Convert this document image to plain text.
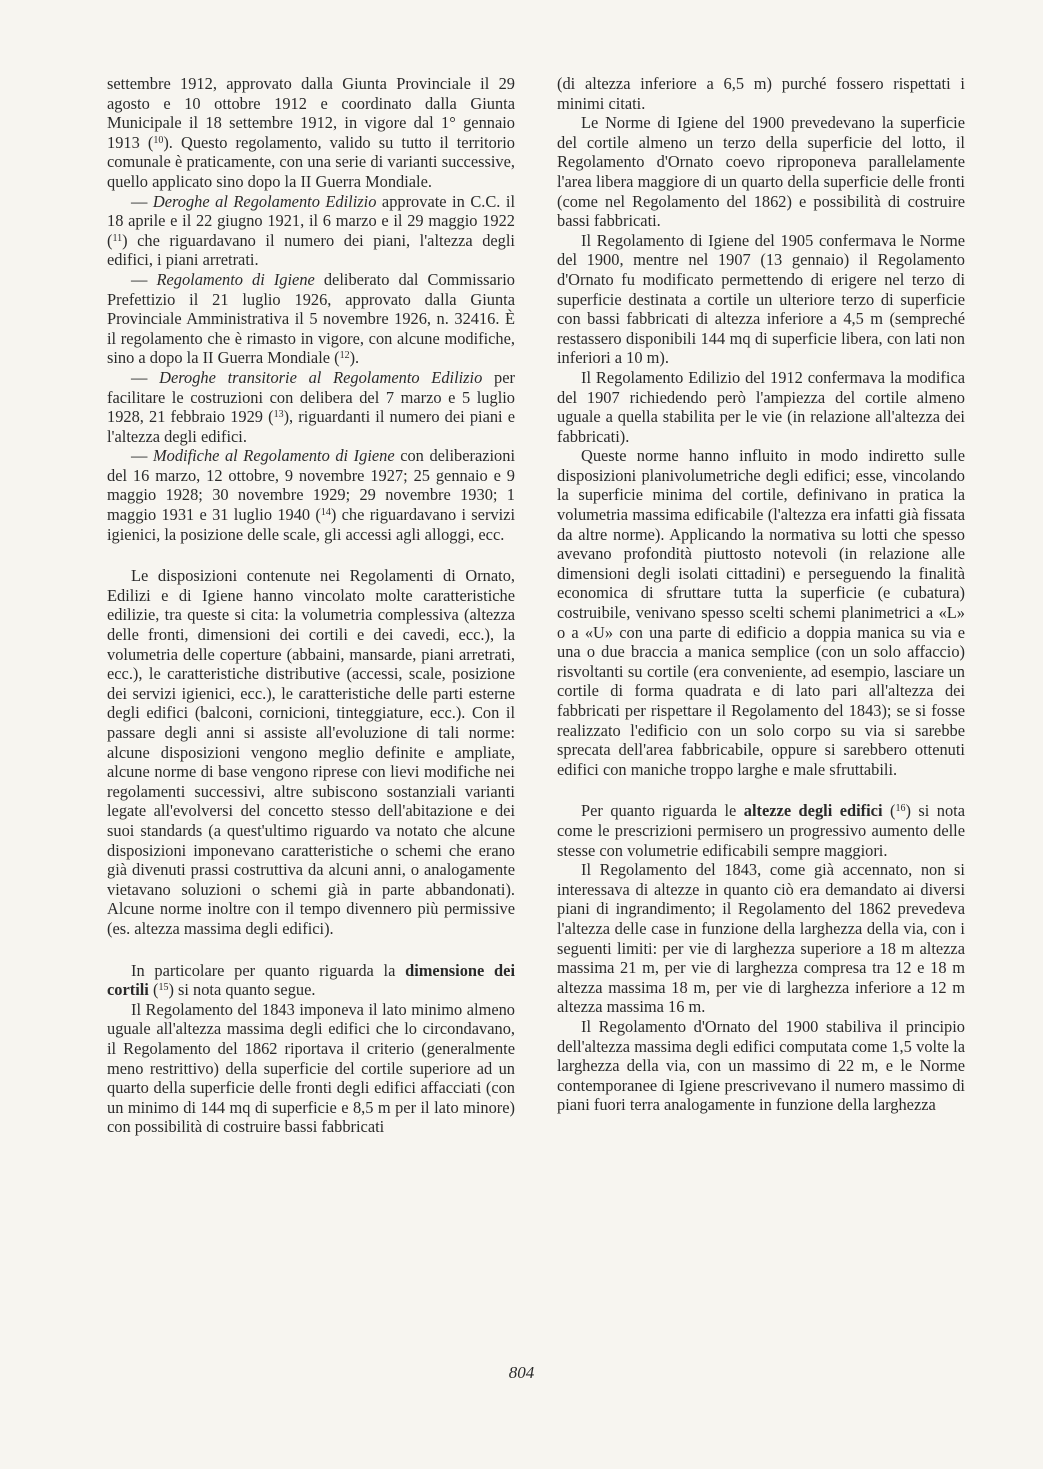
settembre 1912, approvato dalla Giunta Provinciale il 29 agosto e 10 ottobre 1912 e coordinato dalla Giunta Municipale il 18 settembre 1912, in vigore dal 1° gennaio 1913 ($^{10}$). Questo regolamento, valido su tutto il territorio comunale è praticamente, con una serie di varianti successive, quello applicato sino dopo la II Guerra Mondiale.

— Deroghe al Regolamento Edilizio approvate in C.C. il 18 aprile e il 22 giugno 1921, il 6 marzo e il 29 maggio 1922 ($^{11}$) che riguardavano il numero dei piani, l'altezza degli edifici, i piani arretrati.

— Regolamento di Igiene deliberato dal Commissario Prefettizio il 21 luglio 1926, approvato dalla Giunta Provinciale Amministrativa il 5 novembre 1926, n. 32416. È il regolamento che è rimasto in vigore, con alcune modifiche, sino a dopo la II Guerra Mondiale ($^{12}$).

— Deroghe transitorie al Regolamento Edilizio per facilitare le costruzioni con delibera del 7 marzo e 5 luglio 1928, 21 febbraio 1929 ($^{13}$), riguardanti il numero dei piani e l'altezza degli edifici.

— Modifiche al Regolamento di Igiene con deliberazioni del 16 marzo, 12 ottobre, 9 novembre 1927; 25 gennaio e 9 maggio 1928; 30 novembre 1929; 29 novembre 1930; 1 maggio 1931 e 31 luglio 1940 ($^{14}$) che riguardavano i servizi igienici, la posizione delle scale, gli accessi agli alloggi, ecc.

Le disposizioni contenute nei Regolamenti di Ornato, Edilizi e di Igiene hanno vincolato molte caratteristiche edilizie, tra queste si cita: la volumetria complessiva (altezza delle fronti, dimensioni dei cortili e dei cavedi, ecc.), la volumetria delle coperture (abbaini, mansarde, piani arretrati, ecc.), le caratteristiche distributive (accessi, scale, posizione dei servizi igienici, ecc.), le caratteristiche delle parti esterne degli edifici (balconi, cornicioni, tinteggiature, ecc.). Con il passare degli anni si assiste all'evoluzione di tali norme: alcune disposizioni vengono meglio definite e ampliate, alcune norme di base vengono riprese con lievi modifiche nei regolamenti successivi, altre subiscono sostanziali varianti legate all'evolversi del concetto stesso dell'abitazione e dei suoi standards (a quest'ultimo riguardo va notato che alcune disposizioni imponevano caratteristiche o schemi che erano già divenuti prassi costruttiva da alcuni anni, o analogamente vietavano soluzioni o schemi già in parte abbandonati). Alcune norme inoltre con il tempo divennero più permissive (es. altezza massima degli edifici).

In particolare per quanto riguarda la dimensione dei cortili ($^{15}$) si nota quanto segue.

Il Regolamento del 1843 imponeva il lato minimo almeno uguale all'altezza massima degli edifici che lo circondavano, il Regolamento del 1862 riportava il criterio (generalmente meno restrittivo) della superficie del cortile superiore ad un quarto della superficie delle fronti degli edifici affacciati (con un minimo di 144 mq di superficie e 8,5 m per il lato minore) con possibilità di costruire bassi fabbricati

(di altezza inferiore a 6,5 m) purché fossero rispettati i minimi citati.

Le Norme di Igiene del 1900 prevedevano la superficie del cortile almeno un terzo della superficie del lotto, il Regolamento d'Ornato coevo riproponeva parallelamente l'area libera maggiore di un quarto della superficie delle fronti (come nel Regolamento del 1862) e possibilità di costruire bassi fabbricati.

Il Regolamento di Igiene del 1905 confermava le Norme del 1900, mentre nel 1907 (13 gennaio) il Regolamento d'Ornato fu modificato permettendo di erigere nel terzo di superficie destinata a cortile un ulteriore terzo di superficie con bassi fabbricati di altezza inferiore a 4,5 m (sempreché restassero disponibili 144 mq di superficie libera, con lati non inferiori a 10 m).

Il Regolamento Edilizio del 1912 confermava la modifica del 1907 richiedendo però l'ampiezza del cortile almeno uguale a quella stabilita per le vie (in relazione all'altezza dei fabbricati).

Queste norme hanno influito in modo indiretto sulle disposizioni planivolumetriche degli edifici; esse, vincolando la superficie minima del cortile, definivano in pratica la volumetria massima edificabile (l'altezza era infatti già fissata da altre norme). Applicando la normativa su lotti che spesso avevano profondità piuttosto notevoli (in relazione alle dimensioni degli isolati cittadini) e perseguendo la finalità economica di sfruttare tutta la superficie (e cubatura) costruibile, venivano spesso scelti schemi planimetrici a «L» o a «U» con una parte di edificio a doppia manica su via e una o due braccia a manica semplice (con un solo affaccio) risvoltanti su cortile (era conveniente, ad esempio, lasciare un cortile di forma quadrata e di lato pari all'altezza dei fabbricati per rispettare il Regolamento del 1843); se si fosse realizzato l'edificio con un solo corpo su via si sarebbe sprecata dell'area fabbricabile, oppure si sarebbero ottenuti edifici con maniche troppo larghe e male sfruttabili.

Per quanto riguarda le altezze degli edifici ($^{16}$) si nota come le prescrizioni permisero un progressivo aumento delle stesse con volumetrie edificabili sempre maggiori.

Il Regolamento del 1843, come già accennato, non si interessava di altezze in quanto ciò era demandato ai diversi piani di ingrandimento; il Regolamento del 1862 prevedeva l'altezza delle case in funzione della larghezza della via, con i seguenti limiti: per vie di larghezza superiore a 18 m altezza massima 21 m, per vie di larghezza compresa tra 12 e 18 m altezza massima 18 m, per vie di larghezza inferiore a 12 m altezza massima 16 m.

Il Regolamento d'Ornato del 1900 stabiliva il principio dell'altezza massima degli edifici computata come 1,5 volte la larghezza della via, con un massimo di 22 m, e le Norme contemporanee di Igiene prescrivevano il numero massimo di piani fuori terra analogamente in funzione della larghezza

804
